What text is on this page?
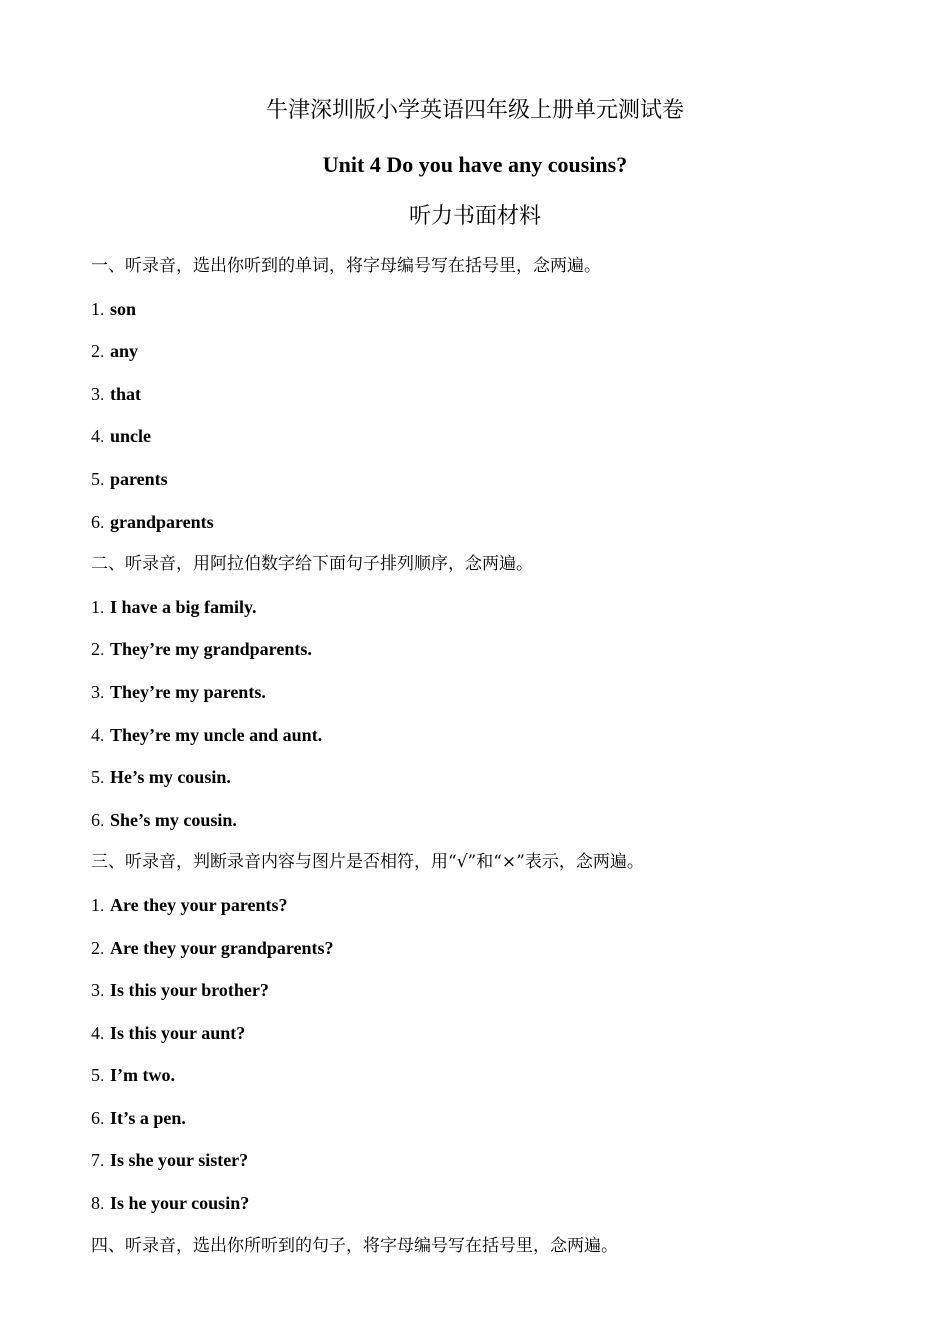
牛津深圳版小学英语四年级上册单元测试卷
Unit 4 Do you have any cousins?
听力书面材料
一、听录音，选出你听到的单词，将字母编号写在括号里，念两遍。
1．son
2．any
3．that
4．uncle
5．parents
6．grandparents
二、听录音，用阿拉伯数字给下面句子排列顺序，念两遍。
1．I have a big family.
2．They’re my grandparents.
3．They’re my parents.
4．They’re my uncle and aunt.
5．He’s my cousin.
6．She’s my cousin.
三、听录音，判断录音内容与图片是否相符，用“√”和“×”表示，念两遍。
1．Are they your parents?
2．Are they your grandparents?
3．Is this your brother?
4．Is this your aunt?
5．I’m two.
6．It’s a pen.
7．Is she your sister?
8．Is he your cousin?
四、听录音，选出你所听到的句子，将字母编号写在括号里，念两遍。
